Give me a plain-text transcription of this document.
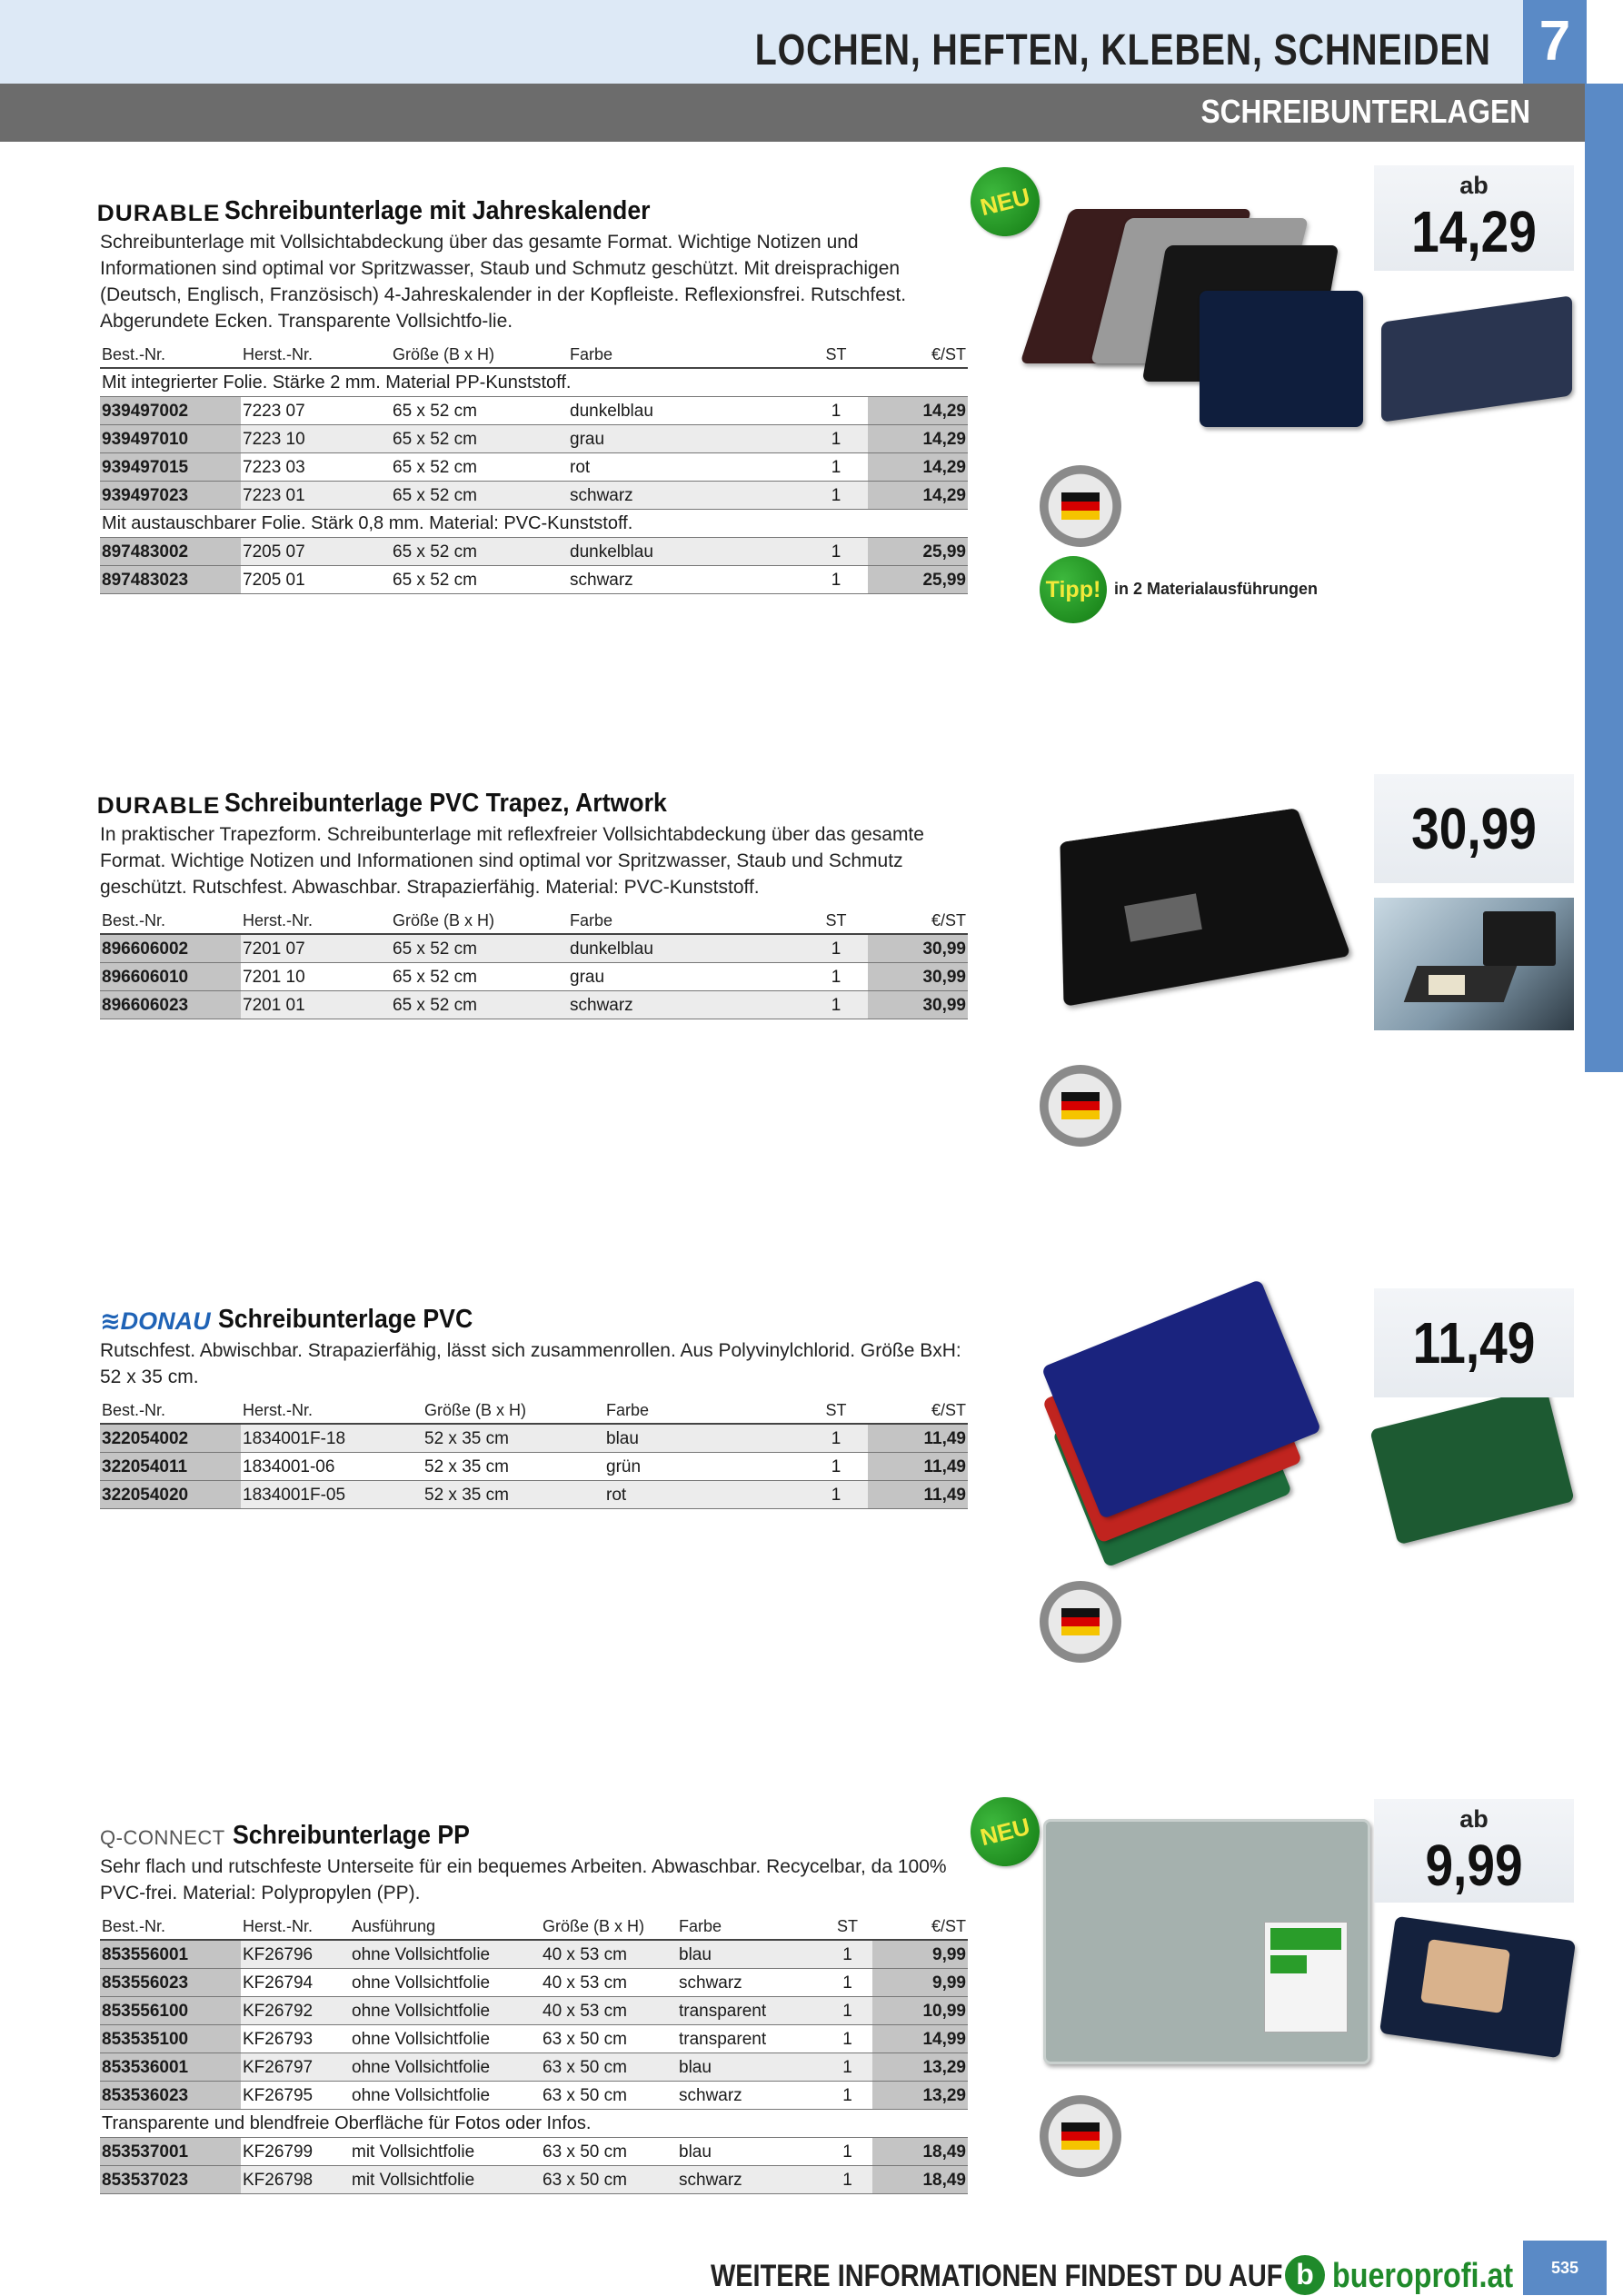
LOCHEN, HEFTEN, KLEBEN, SCHNEIDEN 7
SCHREIBUNTERLAGEN
DURABLE Schreibunterlage mit Jahreskalender
Schreibunterlage mit Vollsichtabdeckung über das gesamte Format. Wichtige Notizen und Informationen sind optimal vor Spritzwasser, Staub und Schmutz geschützt. Mit dreisprachigen (Deutsch, Englisch, Französisch) 4-Jahreskalender in der Kopfleiste. Reflexionsfrei. Rutschfest. Abgerundete Ecken. Transparente Vollsichtfo-lie.
Best.-Nr.	Herst.-Nr.	Größe (B x H)	Farbe	ST	€/ST
Mit integrierter Folie. Stärke 2 mm. Material PP-Kunststoff.					
939497002	7223 07	65 x 52 cm	dunkelblau	1	14,29
939497010	7223 10	65 x 52 cm	grau	1	14,29
939497015	7223 03	65 x 52 cm	rot	1	14,29
939497023	7223 01	65 x 52 cm	schwarz	1	14,29
Mit austauschbarer Folie. Stärk 0,8 mm. Material: PVC-Kunststoff.					
897483002	7205 07	65 x 52 cm	dunkelblau	1	25,99
897483023	7205 01	65 x 52 cm	schwarz	1	25,99
NEU
Tipp! in 2 Materialausführungen
ab
14,29
DURABLE Schreibunterlage PVC Trapez, Artwork
In praktischer Trapezform. Schreibunterlage mit reflexfreier Vollsichtabdeckung über das gesamte Format. Wichtige Notizen und Informationen sind optimal vor Spritzwasser, Staub und Schmutz geschützt. Rutschfest. Abwaschbar. Strapazierfähig. Material: PVC-Kunststoff.
Best.-Nr.	Herst.-Nr.	Größe (B x H)	Farbe	ST	€/ST
896606002	7201 07	65 x 52 cm	dunkelblau	1	30,99
896606010	7201 10	65 x 52 cm	grau	1	30,99
896606023	7201 01	65 x 52 cm	schwarz	1	30,99
30,99
≋ DONAU Schreibunterlage PVC
Rutschfest. Abwischbar. Strapazierfähig, lässt sich zusammenrollen. Aus Polyvinylchlorid. Größe BxH: 52 x 35 cm.
Best.-Nr.	Herst.-Nr.	Größe (B x H)	Farbe	ST	€/ST
322054002	1834001F-18	52 x 35 cm	blau	1	11,49
322054011	1834001-06	52 x 35 cm	grün	1	11,49
322054020	1834001F-05	52 x 35 cm	rot	1	11,49
11,49
Q-CONNECT Schreibunterlage PP
Sehr flach und rutschfeste Unterseite für ein bequemes Arbeiten. Abwaschbar. Recycelbar, da 100% PVC-frei. Material: Polypropylen (PP).
Best.-Nr.	Herst.-Nr.	Ausführung	Größe (B x H)	Farbe	ST	€/ST
853556001	KF26796	ohne Vollsichtfolie	40 x 53 cm	blau	1	9,99
853556023	KF26794	ohne Vollsichtfolie	40 x 53 cm	schwarz	1	9,99
853556100	KF26792	ohne Vollsichtfolie	40 x 53 cm	transparent	1	10,99
853535100	KF26793	ohne Vollsichtfolie	63 x 50 cm	transparent	1	14,99
853536001	KF26797	ohne Vollsichtfolie	63 x 50 cm	blau	1	13,29
853536023	KF26795	ohne Vollsichtfolie	63 x 50 cm	schwarz	1	13,29
Transparente und blendfreie Oberfläche für Fotos oder Infos.						
853537001	KF26799	mit Vollsichtfolie	63 x 50 cm	blau	1	18,49
853537023	KF26798	mit Vollsichtfolie	63 x 50 cm	schwarz	1	18,49
NEU	ab
9,99
WEITERE INFORMATIONEN FINDEST DU AUF b bueroprofi.at	535
